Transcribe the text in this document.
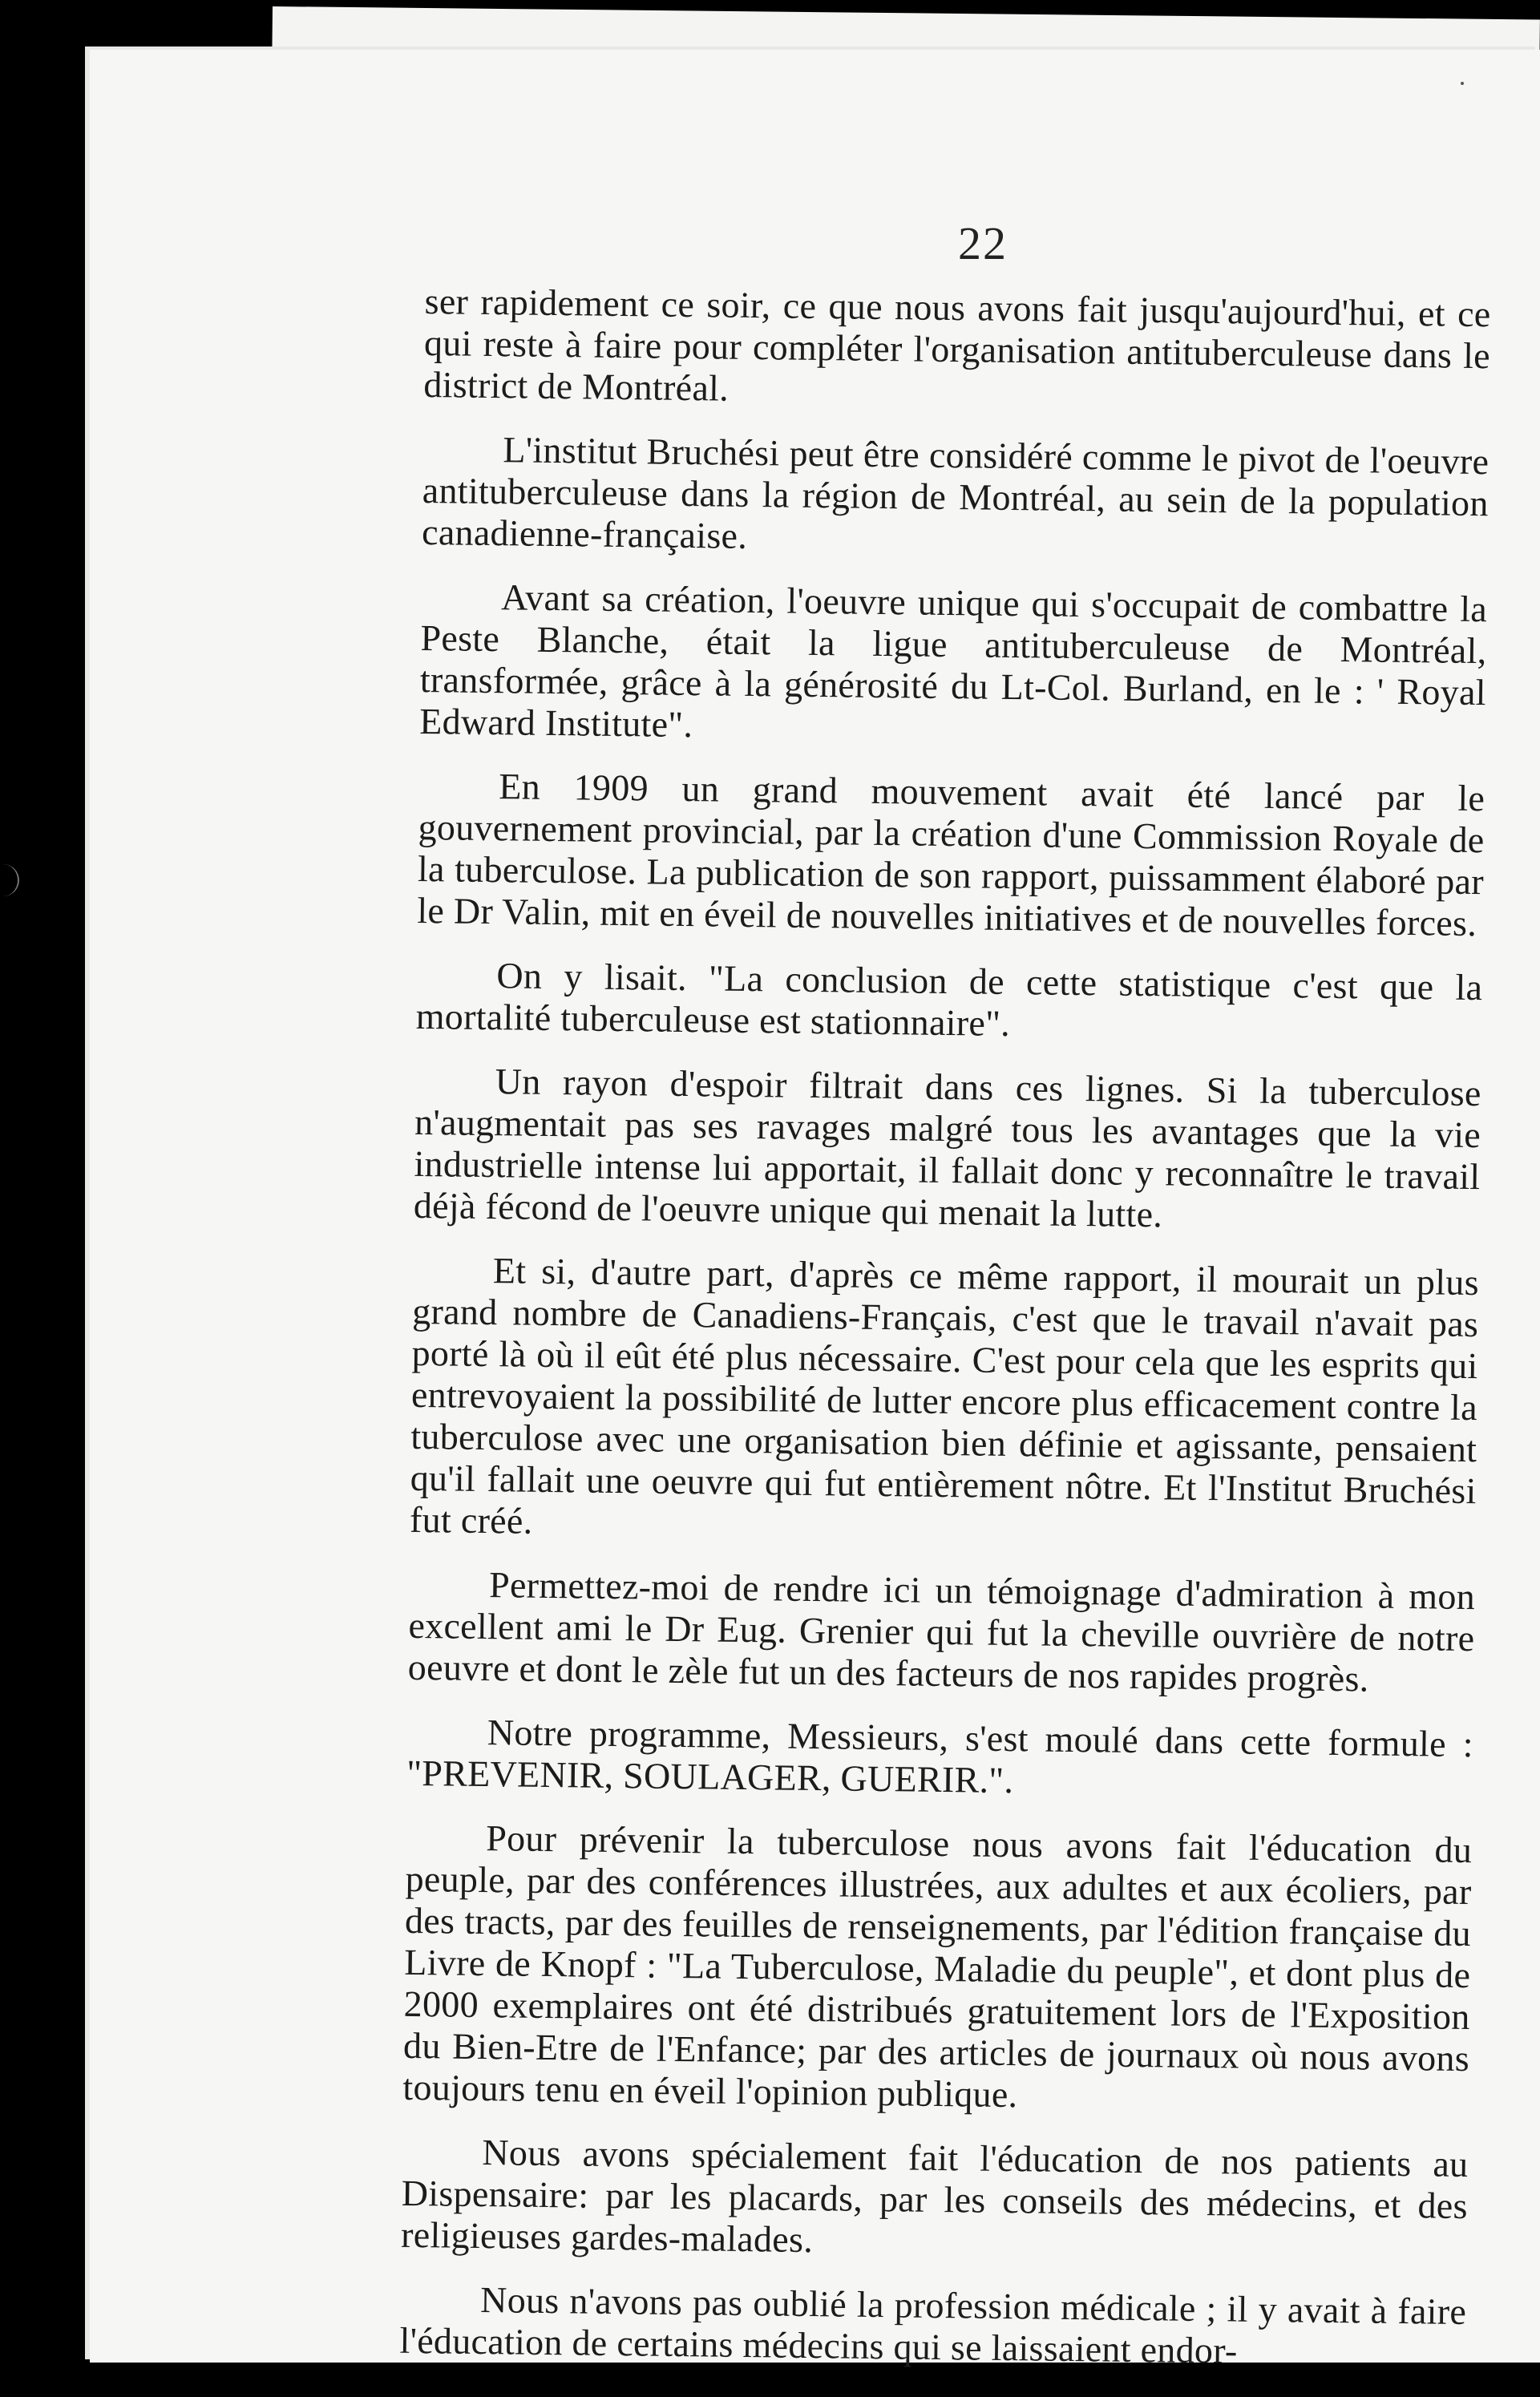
22

ser rapidement ce soir, ce que nous avons fait jusqu'aujourd'hui, et ce qui reste à faire pour compléter l'organisation antituberculeuse dans le district de Montréal.

L'institut Bruchési peut être considéré comme le pivot de l'oeuvre antituberculeuse dans la région de Montréal, au sein de la population canadienne-française.

Avant sa création, l'oeuvre unique qui s'occupait de combattre la Peste Blanche, était la ligue antituberculeuse de Montréal, transformée, grâce à la générosité du Lt-Col. Burland, en le : ' Royal Edward Institute".

En 1909 un grand mouvement avait été lancé par le gouvernement provincial, par la création d'une Commission Royale de la tuberculose. La publication de son rapport, puissamment élaboré par le Dr Valin, mit en éveil de nouvelles initiatives et de nouvelles forces.

On y lisait. "La conclusion de cette statistique c'est que la mortalité tuberculeuse est stationnaire".

Un rayon d'espoir filtrait dans ces lignes. Si la tuberculose n'augmentait pas ses ravages malgré tous les avantages que la vie industrielle intense lui apportait, il fallait donc y reconnaître le travail déjà fécond de l'oeuvre unique qui menait la lutte.

Et si, d'autre part, d'après ce même rapport, il mourait un plus grand nombre de Canadiens-Français, c'est que le travail n'avait pas porté là où il eût été plus nécessaire. C'est pour cela que les esprits qui entrevoyaient la possibilité de lutter encore plus efficacement contre la tuberculose avec une organisation bien définie et agissante, pensaient qu'il fallait une oeuvre qui fut entièrement nôtre. Et l'Institut Bruchési fut créé.

Permettez-moi de rendre ici un témoignage d'admiration à mon excellent ami le Dr Eug. Grenier qui fut la cheville ouvrière de notre oeuvre et dont le zèle fut un des facteurs de nos rapides progrès.

Notre programme, Messieurs, s'est moulé dans cette formule : "PREVENIR, SOULAGER, GUERIR.".

Pour prévenir la tuberculose nous avons fait l'éducation du peuple, par des conférences illustrées, aux adultes et aux écoliers, par des tracts, par des feuilles de renseignements, par l'édition française du Livre de Knopf : "La Tuberculose, Maladie du peuple", et dont plus de 2000 exemplaires ont été distribués gratuitement lors de l'Exposition du Bien-Etre de l'Enfance; par des articles de journaux où nous avons toujours tenu en éveil l'opinion publique.

Nous avons spécialement fait l'éducation de nos patients au Dispensaire: par les placards, par les conseils des médecins, et des religieuses gardes-malades.

Nous n'avons pas oublié la profession médicale ; il y avait à faire l'éducation de certains médecins qui se laissaient endor-
